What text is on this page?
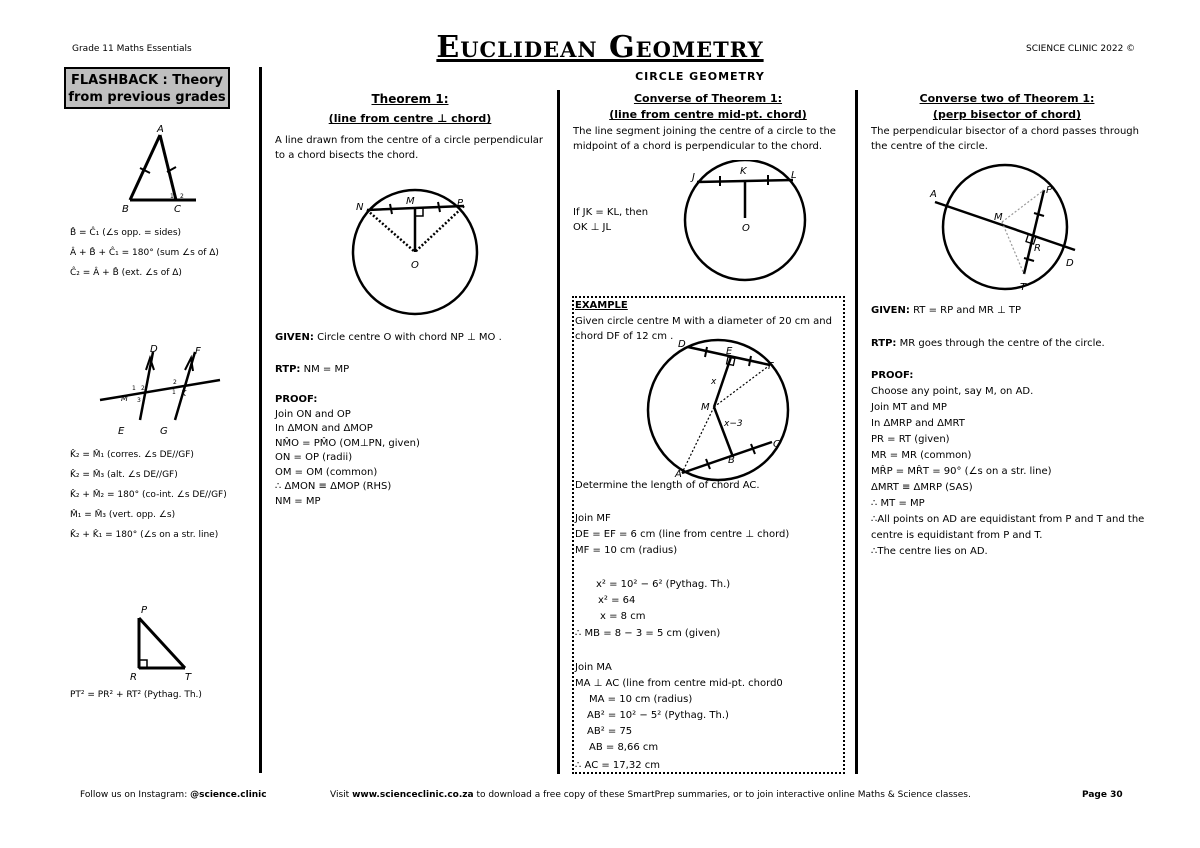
Grade 11 Maths Essentials	Euclidean Geometry	SCIENCE CLINIC 2022 ©
CIRCLE GEOMETRY
FLASHBACK : Theory
from previous grades
A
B	C
1 2
B̂ = Ĉ₁ (∠s opp. = sides)
Â + B̂ + Ĉ₁ = 180° (sum ∠s of Δ)
Ĉ₂ = Â + B̂ (ext. ∠s of Δ)
D	F
E	G
M
K
1 2
3
1
2
K̂₂ = M̂₁ (corres. ∠s DE//GF)
K̂₂ = M̂₃ (alt. ∠s DE//GF)
K̂₂ + M̂₂ = 180° (co-int. ∠s DE//GF)
M̂₁ = M̂₃ (vert. opp. ∠s)
K̂₂ + K̂₁ = 180° (∠s on a str. line)
P
R	T
PT² = PR² + RT² (Pythag. Th.)
Theorem 1:
(line from centre ⊥ chord)
A line drawn from the centre of a circle perpendicular to a chord bisects the chord.
N
M	P
O
GIVEN: Circle centre O with chord NP ⊥ MO .
RTP: NM = MP
PROOF:
Join ON and OP
In ΔMON and ΔMOP
NM̂O = PM̂O (OM⊥PN, given)
ON = OP (radii)
OM = OM (common)
∴ ΔMON ≡ ΔMOP (RHS)
NM = MP
Converse of Theorem 1:
(line from centre mid-pt. chord)
The line segment joining the centre of a circle to the midpoint of a chord is perpendicular to the chord.
If JK = KL, then
OK ⊥ JL
J
K	L
O
EXAMPLE
Given circle centre M with a diameter of 20 cm and chord DF of 12 cm .
D
E
F
M
x
x−3
A
B
C
Determine the length of of chord AC.
Join MF
DE = EF = 6 cm (line from centre ⊥ chord)
MF = 10 cm (radius)
x² = 10² − 6² (Pythag. Th.)
x² = 64
x = 8 cm
∴ MB = 8 − 3 = 5 cm (given)
Join MA
MA ⊥ AC (line from centre mid-pt. chord0
MA = 10 cm (radius)
AB² = 10² − 5² (Pythag. Th.)
AB² = 75
AB = 8,66 cm
∴ AC = 17,32 cm
Converse two of Theorem 1:
(perp bisector of chord)
The perpendicular bisector of a chord passes through the centre of the circle.
A	P
M
R
D
T
GIVEN: RT = RP and MR ⊥ TP
RTP: MR goes through the centre of the circle.
PROOF:
Choose any point, say M, on AD.
Join MT and MP
In ΔMRP and ΔMRT
PR = RT (given)
MR = MR (common)
MR̂P = MR̂T = 90° (∠s on a str. line)
ΔMRT ≡ ΔMRP (SAS)
∴ MT = MP
∴All points on AD are equidistant from P and T and the centre is equidistant from P and T.
∴The centre lies on AD.
Follow us on Instagram: @science.clinic	Visit www.scienceclinic.co.za to download a free copy of these SmartPrep summaries, or to join interactive online Maths & Science classes.	Page 30
